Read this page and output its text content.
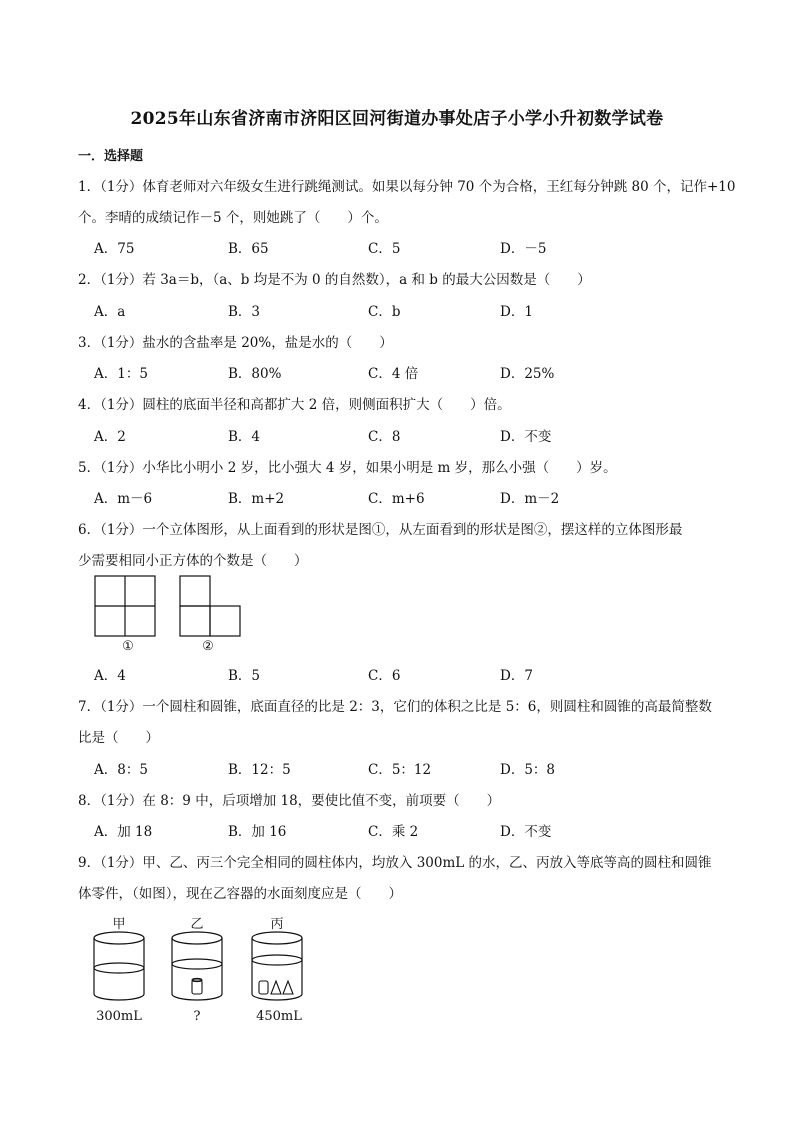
2025年山东省济南市济阳区回河街道办事处店子小学小升初数学试卷
一．选择题
1．（1分）体育老师对六年级女生进行跳绳测试。如果以每分钟 70 个为合格，王红每分钟跳 80 个，记作+10
个。李晴的成绩记作－5 个，则她跳了（　　）个。
A．75	B．65	C．5	D．－5
2．（1分）若 3a＝b，（a、b 均是不为 0 的自然数），a 和 b 的最大公因数是（　　）
A．a	B．3	C．b	D．1
3．（1分）盐水的含盐率是 20%，盐是水的（　　）
A．1：5	B．80%	C．4 倍	D．25%
4．（1分）圆柱的底面半径和高都扩大 2 倍，则侧面积扩大（　　）倍。
A．2	B．4	C．8	D．不变
5．（1分）小华比小明小 2 岁，比小强大 4 岁，如果小明是 m 岁，那么小强（　　）岁。
A．m－6	B．m+2	C．m+6	D．m－2
6．（1分）一个立体图形，从上面看到的形状是图①，从左面看到的形状是图②，摆这样的立体图形最
少需要相同小正方体的个数是（　　）
①	②
A．4	B．5	C．6	D．7
7．（1分）一个圆柱和圆锥，底面直径的比是 2：3，它们的体积之比是 5：6，则圆柱和圆锥的高最简整数
比是（　　）
A．8：5	B．12：5	C．5：12	D．5：8
8．（1分）在 8：9 中，后项增加 18，要使比值不变，前项要（　　）
A．加 18	B．加 16	C．乘 2	D．不变
9．（1分）甲、乙、丙三个完全相同的圆柱体内，均放入 300mL 的水，乙、丙放入等底等高的圆柱和圆锥
体零件，（如图），现在乙容器的水面刻度应是（　　）
甲	乙	丙
300mL	?	450mL
